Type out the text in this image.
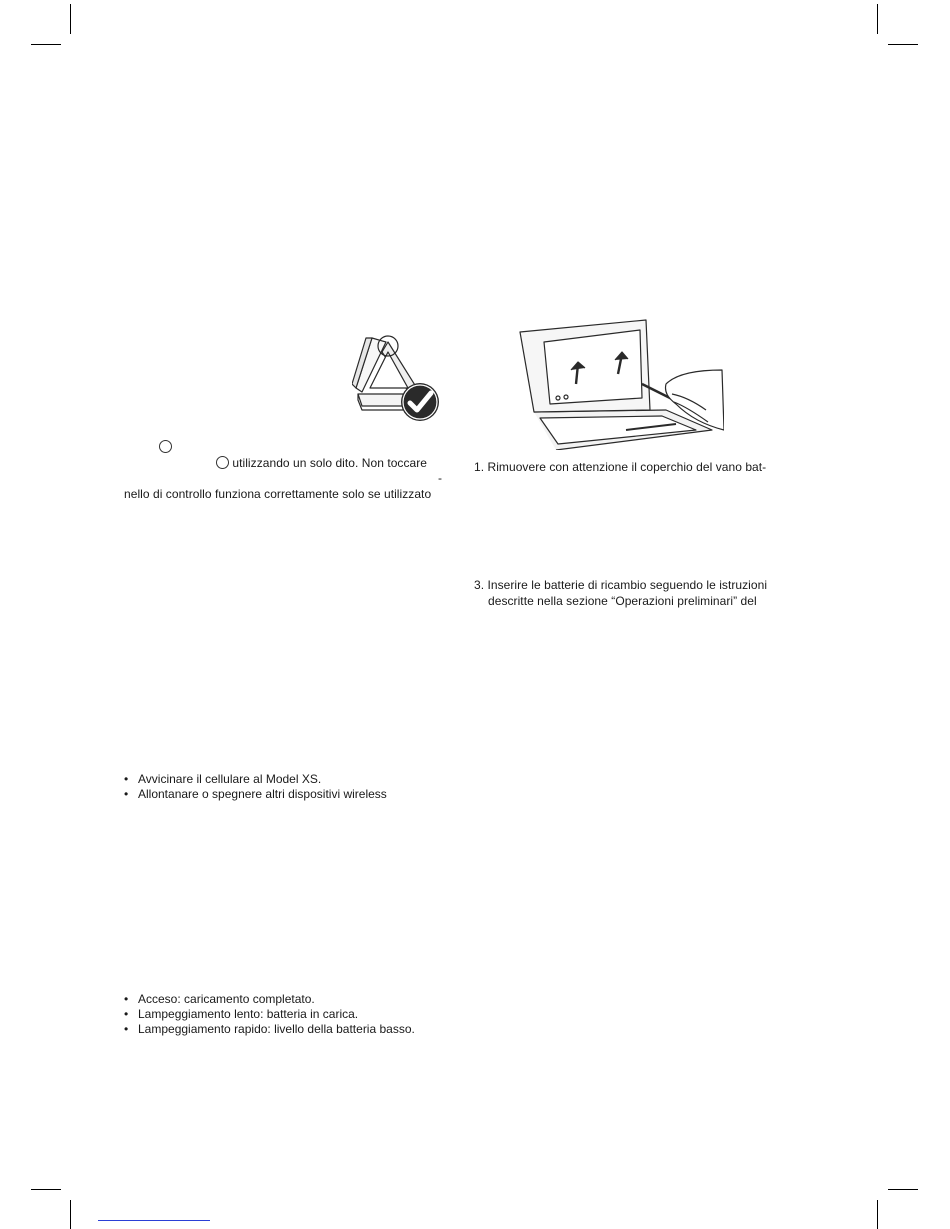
utilizzando un solo dito. Non toccare
-
nello di controllo funziona correttamente solo se utilizzato
• Avvicinare il cellulare al Model XS.
• Allontanare o spegnere altri dispositivi wireless
• Acceso: caricamento completato.
• Lampeggiamento lento: batteria in carica.
• Lampeggiamento rapido: livello della batteria basso.
1. Rimuovere con attenzione il coperchio del vano bat-
3. Inserire le batterie di ricambio seguendo le istruzioni
descritte nella sezione “Operazioni preliminari” del
